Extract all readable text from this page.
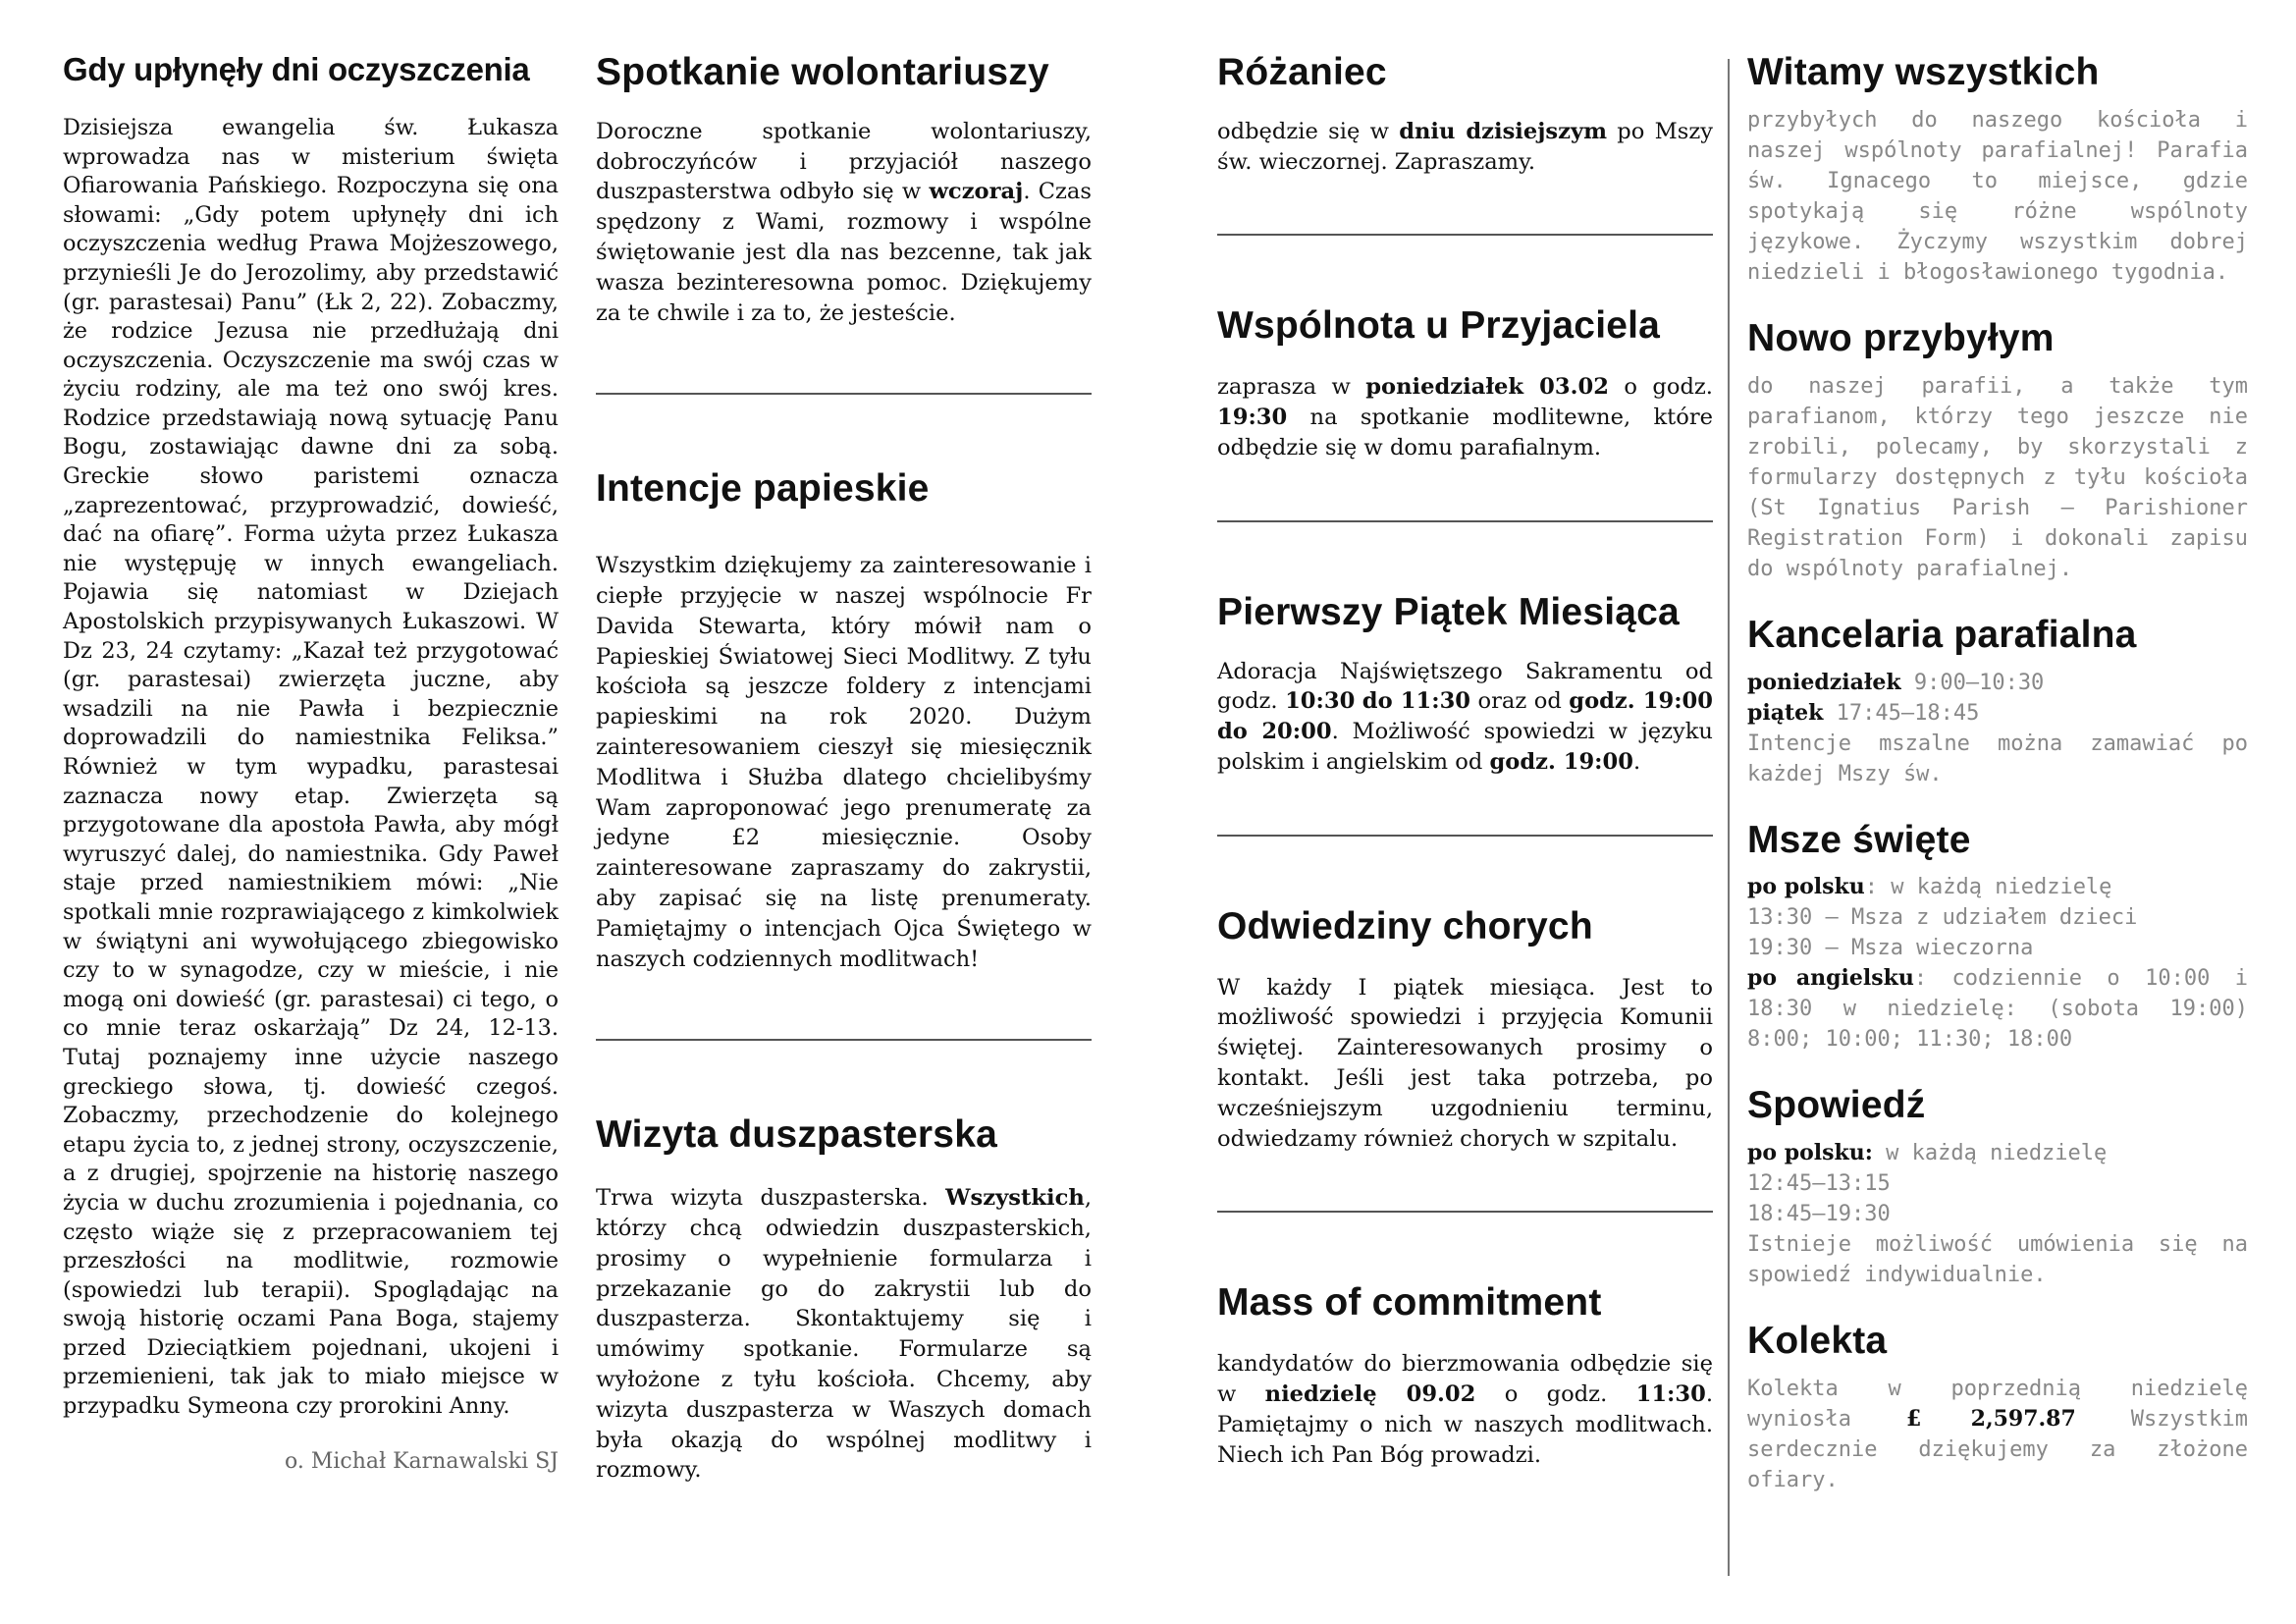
Gdy upłynęły dni oczyszczenia

Dzisiejsza ewangelia św. Łukasza wprowadza nas w misterium święta Ofiarowania Pańskiego. Rozpoczyna się ona słowami: „Gdy potem upłynęły dni ich oczyszczenia według Prawa Mojżeszowego, przynieśli Je do Jerozolimy, aby przedstawić (gr. parastesai) Panu” (Łk 2, 22). Zobaczmy, że rodzice Jezusa nie przedłużają dni oczyszczenia. Oczyszczenie ma swój czas w życiu rodziny, ale ma też ono swój kres. Rodzice przedstawiają nową sytuację Panu Bogu, zostawiając dawne dni za sobą. Greckie słowo paristemi oznacza „zaprezentować, przyprowadzić, dowieść, dać na ofiarę”. Forma użyta przez Łukasza nie występuję w innych ewangeliach. Pojawia się natomiast w Dziejach Apostolskich przypisywanych Łukaszowi. W Dz 23, 24 czytamy: „Kazał też przygotować (gr. parastesai) zwierzęta juczne, aby wsadzili na nie Pawła i bezpiecznie doprowadzili do namiestnika Feliksa.” Również w tym wypadku, parastesai zaznacza nowy etap. Zwierzęta są przygotowane dla apostoła Pawła, aby mógł wyruszyć dalej, do namiestnika. Gdy Paweł staje przed namiestnikiem mówi: „Nie spotkali mnie rozprawiającego z kimkolwiek w świątyni ani wywołującego zbiegowisko czy to w synagodze, czy w mieście, i nie mogą oni dowieść (gr. parastesai) ci tego, o co mnie teraz oskarżają” Dz 24, 12-13. Tutaj poznajemy inne użycie naszego greckiego słowa, tj. dowieść czegoś. Zobaczmy, przechodzenie do kolejnego etapu życia to, z jednej strony, oczyszczenie, a z drugiej, spojrzenie na historię naszego życia w duchu zrozumienia i pojednania, co często wiąże się z przepracowaniem tej przeszłości na modlitwie, rozmowie (spowiedzi lub terapii). Spoglądając na swoją historię oczami Pana Boga, stajemy przed Dzieciątkiem pojednani, ukojeni i przemienieni, tak jak to miało miejsce w przypadku Symeona czy prorokini Anny.

o. Michał Karnawalski SJ
Spotkanie wolontariuszy

Doroczne spotkanie wolontariuszy, dobroczyńców i przyjaciół naszego duszpasterstwa odbyło się w wczoraj. Czas spędzony z Wami, rozmowy i wspólne świętowanie jest dla nas bezcenne, tak jak wasza bezinteresowna pomoc. Dziękujemy za te chwile i za to, że jesteście.

Intencje papieskie

Wszystkim dziękujemy za zainteresowanie i ciepłe przyjęcie w naszej wspólnocie Fr Davida Stewarta, który mówił nam o Papieskiej Światowej Sieci Modlitwy. Z tyłu kościoła są jeszcze foldery z intencjami papieskimi na rok 2020. Dużym zainteresowaniem cieszył się miesięcznik Modlitwa i Służba dlatego chcielibyśmy Wam zaproponować jego prenumeratę za jedyne £2 miesięcznie. Osoby zainteresowane zapraszamy do zakrystii, aby zapisać się na listę prenumeraty. Pamiętajmy o intencjach Ojca Świętego w naszych codziennych modlitwach!

Wizyta duszpasterska

Trwa wizyta duszpasterska. Wszystkich, którzy chcą odwiedzin duszpasterskich, prosimy o wypełnienie formularza i przekazanie go do zakrystii lub do duszpasterza. Skontaktujemy się i umówimy spotkanie. Formularze są wyłożone z tyłu kościoła. Chcemy, aby wizyta duszpasterza w Waszych domach była okazją do wspólnej modlitwy i rozmowy.

Różaniec

odbędzie się w dniu dzisiejszym po Mszy św. wieczornej. Zapraszamy.

Wspólnota u Przyjaciela

zaprasza w poniedziałek 03.02 o godz. 19:30 na spotkanie modlitewne, które odbędzie się w domu parafialnym.

Pierwszy Piątek Miesiąca

Adoracja Najświętszego Sakramentu od godz. 10:30 do 11:30 oraz od godz. 19:00 do 20:00. Możliwość spowiedzi w języku polskim i angielskim od godz. 19:00.

Odwiedziny chorych

W każdy I piątek miesiąca. Jest to możliwość spowiedzi i przyjęcia Komunii świętej. Zainteresowanych prosimy o kontakt. Jeśli jest taka potrzeba, po wcześniejszym uzgodnieniu terminu, odwiedzamy również chorych w szpitalu.

Mass of commitment

kandydatów do bierzmowania odbędzie się w niedzielę 09.02 o godz. 11:30. Pamiętajmy o nich w naszych modlitwach. Niech ich Pan Bóg prowadzi.

Witamy wszystkich

przybyłych do naszego kościoła i naszej wspólnoty parafialnej! Parafia św. Ignacego to miejsce, gdzie spotykają się różne wspólnoty językowe. Życzymy wszystkim dobrej niedzieli i błogosławionego tygodnia.

Nowo przybyłym

do naszej parafii, a także tym parafianom, którzy tego jeszcze nie zrobili, polecamy, by skorzystali z formularzy dostępnych z tyłu kościoła (St Ignatius Parish – Parishioner Registration Form) i dokonali zapisu do wspólnoty parafialnej.

Kancelaria parafialna

poniedziałek 9:00–10:30
piątek 17:45–18:45
Intencje mszalne można zamawiać po każdej Mszy św.

Msze święte

po polsku: w każdą niedzielę
13:30 – Msza z udziałem dzieci
19:30 – Msza wieczorna
po angielsku: codziennie o 10:00 i 18:30 w niedzielę: (sobota 19:00) 8:00; 10:00; 11:30; 18:00

Spowiedź

po polsku: w każdą niedzielę
12:45–13:15
18:45–19:30
Istnieje możliwość umówienia się na spowiedź indywidualnie.

Kolekta

Kolekta w poprzednią niedzielę wyniosła £ 2,597.87 Wszystkim serdecznie dziękujemy za złożone ofiary.
